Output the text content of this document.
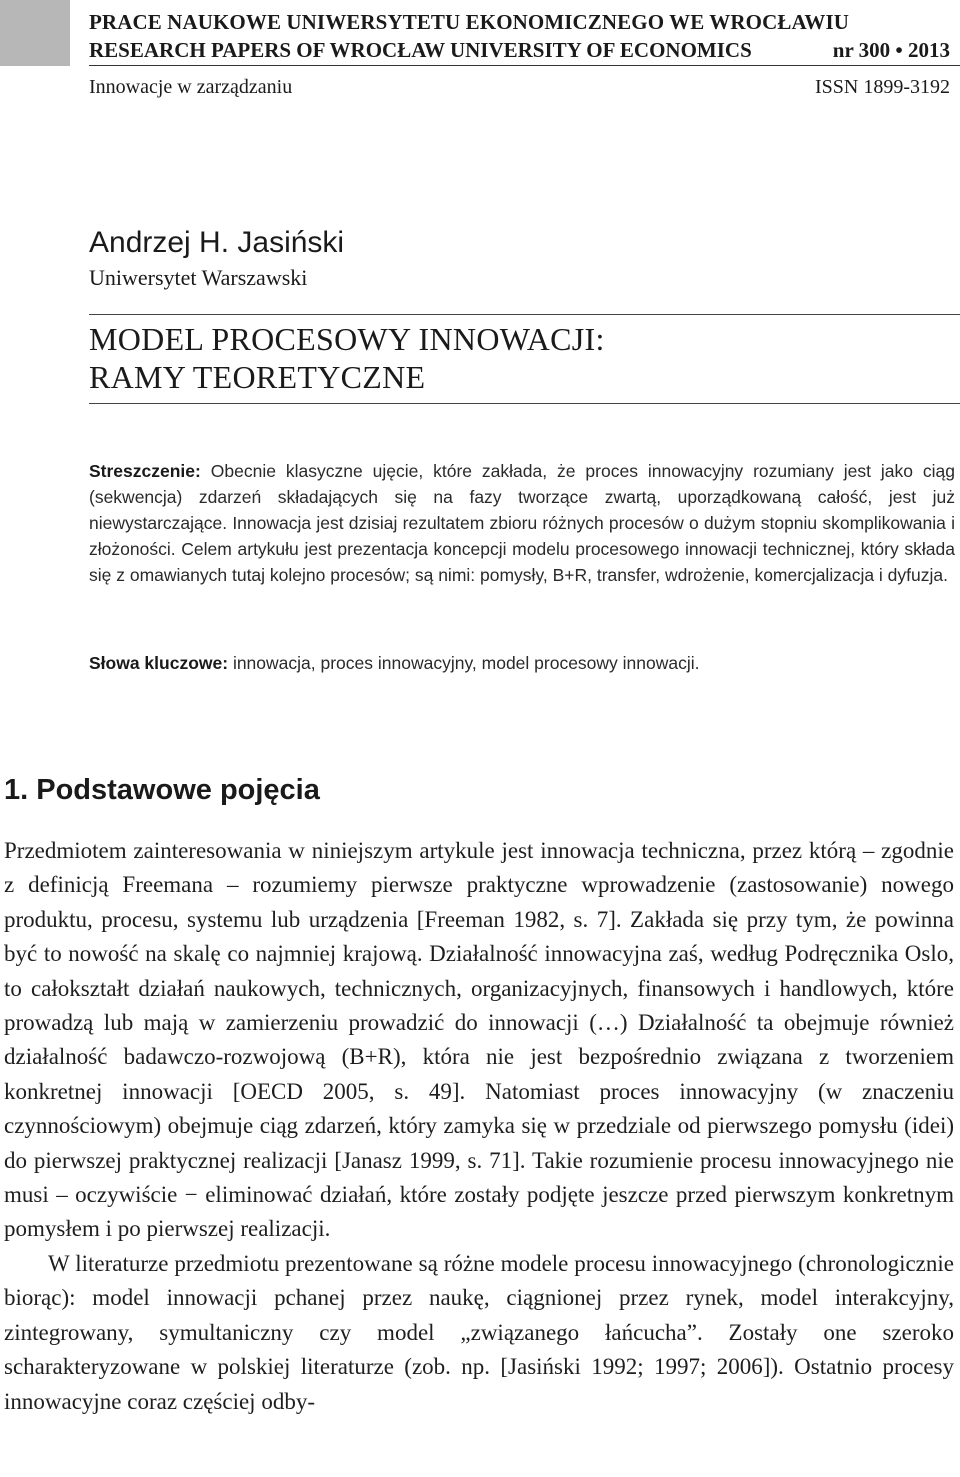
PRACE NAUKOWE UNIWERSYTETU EKONOMICZNEGO WE WROCŁAWIU
RESEARCH PAPERS OF WROCŁAW UNIVERSITY OF ECONOMICS	nr 300 • 2013
Innowacje w zarządzaniu	ISSN 1899-3192
Andrzej H. Jasiński
Uniwersytet Warszawski
MODEL PROCESOWY INNOWACJI:
RAMY TEORETYCZNE
Streszczenie: Obecnie klasyczne ujęcie, które zakłada, że proces innowacyjny rozumiany jest jako ciąg (sekwencja) zdarzeń składających się na fazy tworzące zwartą, uporządkowaną całość, jest już niewystarczające. Innowacja jest dzisiaj rezultatem zbioru różnych procesów o dużym stopniu skomplikowania i złożoności. Celem artykułu jest prezentacja koncepcji modelu procesowego innowacji technicznej, który składa się z omawianych tutaj kolejno procesów; są nimi: pomysły, B+R, transfer, wdrożenie, komercjalizacja i dyfuzja.
Słowa kluczowe: innowacja, proces innowacyjny, model procesowy innowacji.
1. Podstawowe pojęcia

Przedmiotem zainteresowania w niniejszym artykule jest innowacja techniczna, przez którą – zgodnie z definicją Freemana – rozumiemy pierwsze praktyczne wprowadzenie (zastosowanie) nowego produktu, procesu, systemu lub urządzenia [Freeman 1982, s. 7]. Zakłada się przy tym, że powinna być to nowość na skalę co najmniej krajową. Działalność innowacyjna zaś, według Podręcznika Oslo, to całokształt działań naukowych, technicznych, organizacyjnych, finansowych i handlowych, które prowadzą lub mają w zamierzeniu prowadzić do innowacji (…) Działalność ta obejmuje również działalność badawczo-rozwojową (B+R), która nie jest bezpośrednio związana z tworzeniem konkretnej innowacji [OECD 2005, s. 49]. Natomiast proces innowacyjny (w znaczeniu czynnościowym) obejmuje ciąg zdarzeń, który zamyka się w przedziale od pierwszego pomysłu (idei) do pierwszej praktycznej realizacji [Janasz 1999, s. 71]. Takie rozumienie procesu innowacyjnego nie musi – oczywiście − eliminować działań, które zostały podjęte jeszcze przed pierwszym konkretnym pomysłem i po pierwszej realizacji.

W literaturze przedmiotu prezentowane są różne modele procesu innowacyjnego (chronologicznie biorąc): model innowacji pchanej przez naukę, ciągnionej przez rynek, model interakcyjny, zintegrowany, symultaniczny czy model „związanego łańcucha”. Zostały one szeroko scharakteryzowane w polskiej literaturze (zob. np. [Jasiński 1992; 1997; 2006]). Ostatnio procesy innowacyjne coraz częściej odby-
